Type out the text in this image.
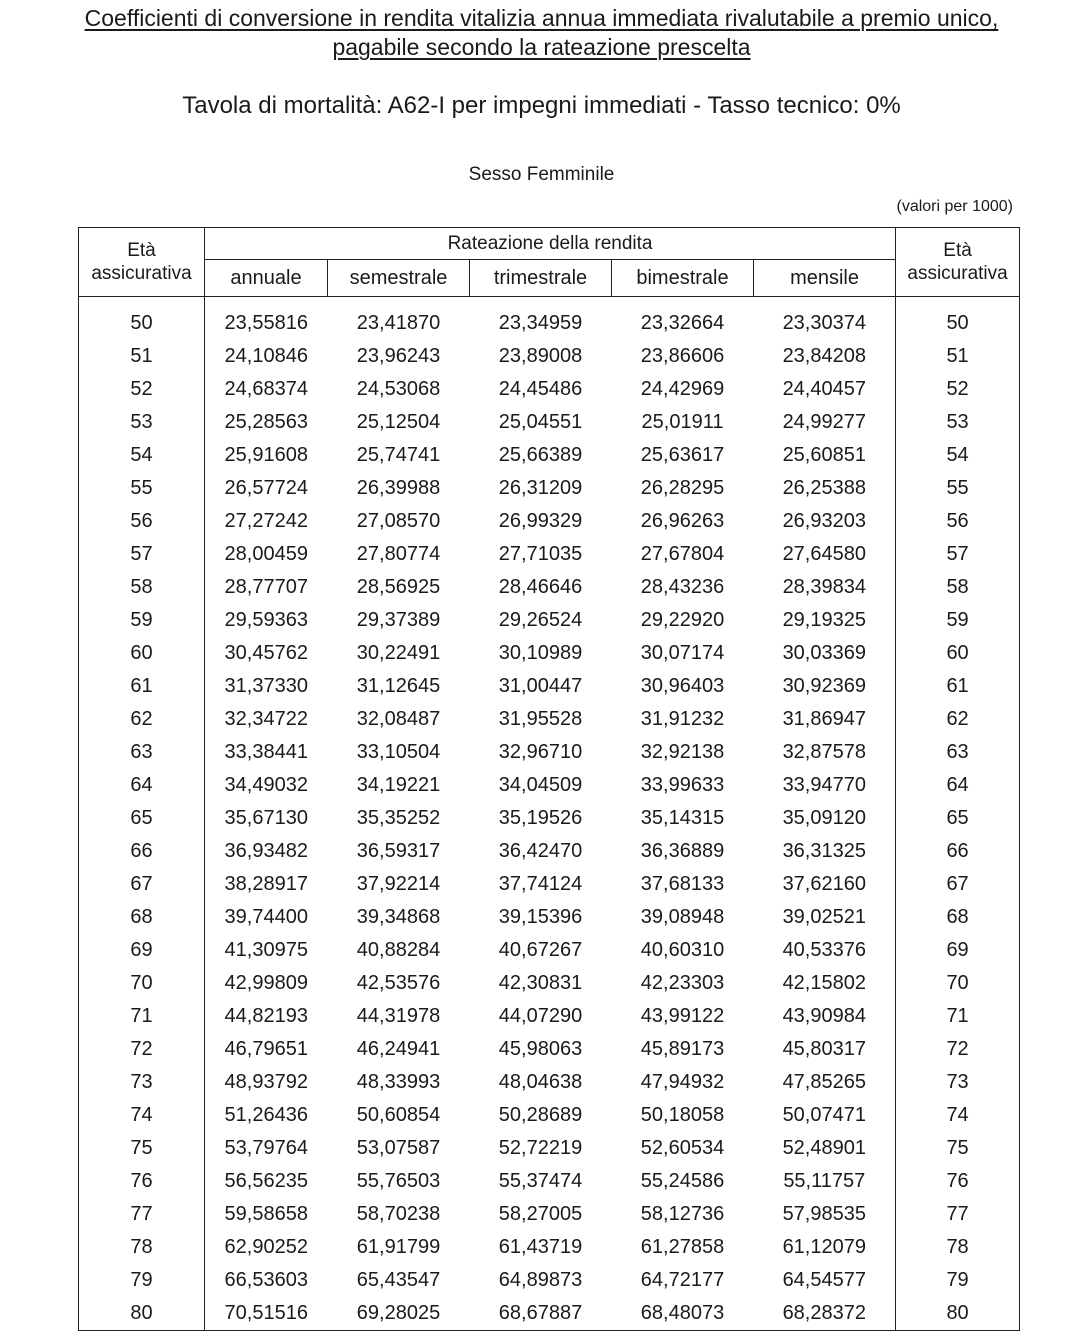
Coefficienti di conversione in rendita vitalizia annua immediata rivalutabile a premio unico,
pagabile secondo la rateazione prescelta
Tavola di mortalità: A62-I per impegni immediati - Tasso tecnico: 0%
Sesso Femminile
(valori per 1000)
Età assicurativa	Rateazione della rendita					Età assicurativa
	annuale	semestrale	trimestrale	bimestrale	mensile	
50	23,55816	23,41870	23,34959	23,32664	23,30374	50
51	24,10846	23,96243	23,89008	23,86606	23,84208	51
52	24,68374	24,53068	24,45486	24,42969	24,40457	52
53	25,28563	25,12504	25,04551	25,01911	24,99277	53
54	25,91608	25,74741	25,66389	25,63617	25,60851	54
55	26,57724	26,39988	26,31209	26,28295	26,25388	55
56	27,27242	27,08570	26,99329	26,96263	26,93203	56
57	28,00459	27,80774	27,71035	27,67804	27,64580	57
58	28,77707	28,56925	28,46646	28,43236	28,39834	58
59	29,59363	29,37389	29,26524	29,22920	29,19325	59
60	30,45762	30,22491	30,10989	30,07174	30,03369	60
61	31,37330	31,12645	31,00447	30,96403	30,92369	61
62	32,34722	32,08487	31,95528	31,91232	31,86947	62
63	33,38441	33,10504	32,96710	32,92138	32,87578	63
64	34,49032	34,19221	34,04509	33,99633	33,94770	64
65	35,67130	35,35252	35,19526	35,14315	35,09120	65
66	36,93482	36,59317	36,42470	36,36889	36,31325	66
67	38,28917	37,92214	37,74124	37,68133	37,62160	67
68	39,74400	39,34868	39,15396	39,08948	39,02521	68
69	41,30975	40,88284	40,67267	40,60310	40,53376	69
70	42,99809	42,53576	42,30831	42,23303	42,15802	70
71	44,82193	44,31978	44,07290	43,99122	43,90984	71
72	46,79651	46,24941	45,98063	45,89173	45,80317	72
73	48,93792	48,33993	48,04638	47,94932	47,85265	73
74	51,26436	50,60854	50,28689	50,18058	50,07471	74
75	53,79764	53,07587	52,72219	52,60534	52,48901	75
76	56,56235	55,76503	55,37474	55,24586	55,11757	76
77	59,58658	58,70238	58,27005	58,12736	57,98535	77
78	62,90252	61,91799	61,43719	61,27858	61,12079	78
79	66,53603	65,43547	64,89873	64,72177	64,54577	79
80	70,51516	69,28025	68,67887	68,48073	68,28372	80
